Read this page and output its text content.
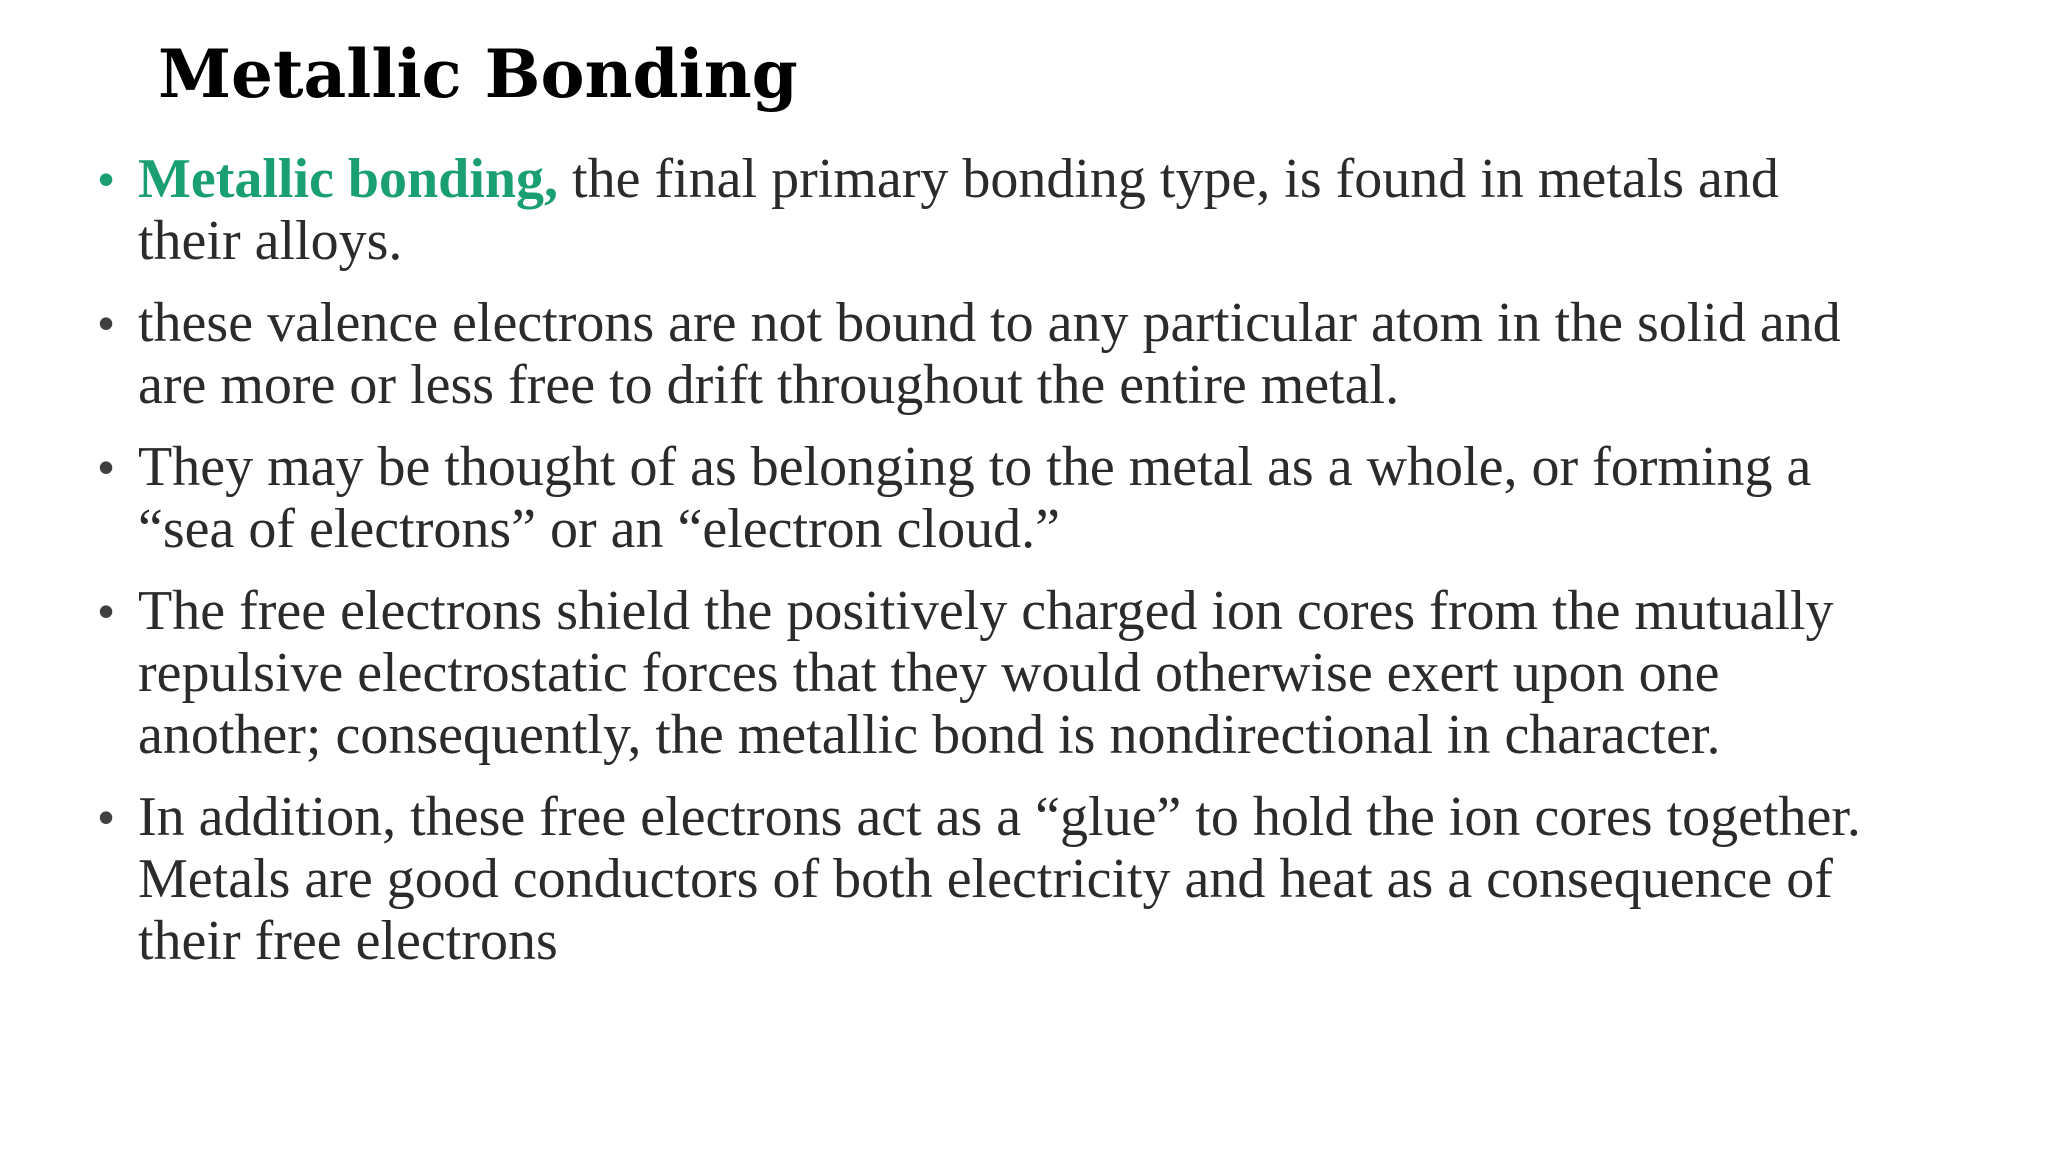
Metallic Bonding
• Metallic bonding, the final primary bonding type, is found in metals and
their alloys.
• these valence electrons are not bound to any particular atom in the solid and
are more or less free to drift throughout the entire metal.
• They may be thought of as belonging to the metal as a whole, or forming a
“sea of electrons” or an “electron cloud.”
• The free electrons shield the positively charged ion cores from the mutually
repulsive electrostatic forces that they would otherwise exert upon one
another; consequently, the metallic bond is nondirectional in character.
• In addition, these free electrons act as a “glue” to hold the ion cores together.
Metals are good conductors of both electricity and heat as a consequence of
their free electrons
